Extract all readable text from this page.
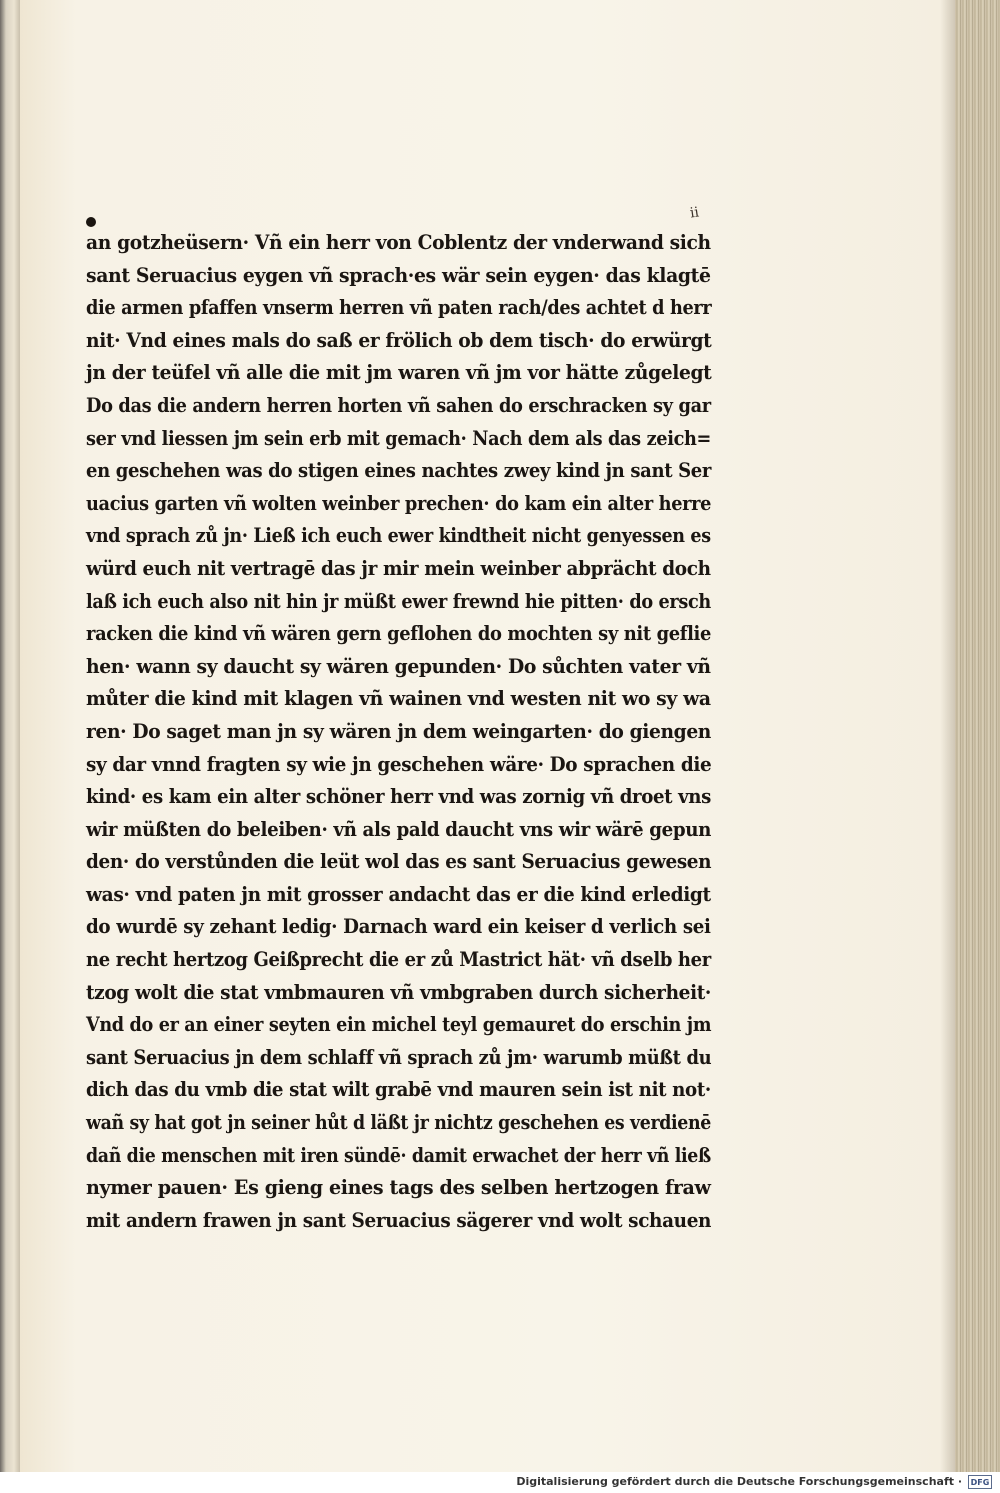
ii
an gotzheüsern· Vñ ein herr von Coblentz der vnderwand sich
sant Seruacius eygen vñ sprach·es wär sein eygen· das klagtē
die armen pfaffen vnserm herren vñ paten rach/des achtet d herr
nit· Vnd eines mals do saß er frölich ob dem tisch· do erwürgt
jn der teüfel vñ alle die mit jm waren vñ jm vor hätte zůgelegt
Do das die andern herren horten vñ sahen do erschracken sy gar
ser vnd liessen jm sein erb mit gemach· Nach dem als das zeich=
en geschehen was do stigen eines nachtes zwey kind jn sant Ser
uacius garten vñ wolten weinber prechen· do kam ein alter herre
vnd sprach zů jn· Ließ ich euch ewer kindtheit nicht genyessen es
würd euch nit vertragē das jr mir mein weinber abprächt doch
laß ich euch also nit hin jr müßt ewer frewnd hie pitten· do ersch
racken die kind vñ wären gern geflohen do mochten sy nit geflie
hen· wann sy daucht sy wären gepunden· Do sůchten vater vñ
můter die kind mit klagen vñ wainen vnd westen nit wo sy wa
ren· Do saget man jn sy wären jn dem weingarten· do giengen
sy dar vnnd fragten sy wie jn geschehen wäre· Do sprachen die
kind· es kam ein alter schöner herr vnd was zornig vñ droet vns
wir müßten do beleiben· vñ als pald daucht vns wir wärē gepun
den· do verstůnden die leüt wol das es sant Seruacius gewesen
was· vnd paten jn mit grosser andacht das er die kind erledigt
do wurdē sy zehant ledig· Darnach ward ein keiser d verlich sei
ne recht hertzog Geißprecht die er zů Mastrict hät· vñ dselb her
tzog wolt die stat vmbmauren vñ vmbgraben durch sicherheit·
Vnd do er an einer seyten ein michel teyl gemauret do erschin jm
sant Seruacius jn dem schlaff vñ sprach zů jm· warumb müßt du
dich das du vmb die stat wilt grabē vnd mauren sein ist nit not·
wañ sy hat got jn seiner hůt d läßt jr nichtz geschehen es verdienē
dañ die menschen mit iren sündē· damit erwachet der herr vñ ließ
nymer pauen· Es gieng eines tags des selben hertzogen fraw
mit andern frawen jn sant Seruacius sägerer vnd wolt schauen
Digitalisierung gefördert durch die Deutsche Forschungsgemeinschaft ·	DFG
